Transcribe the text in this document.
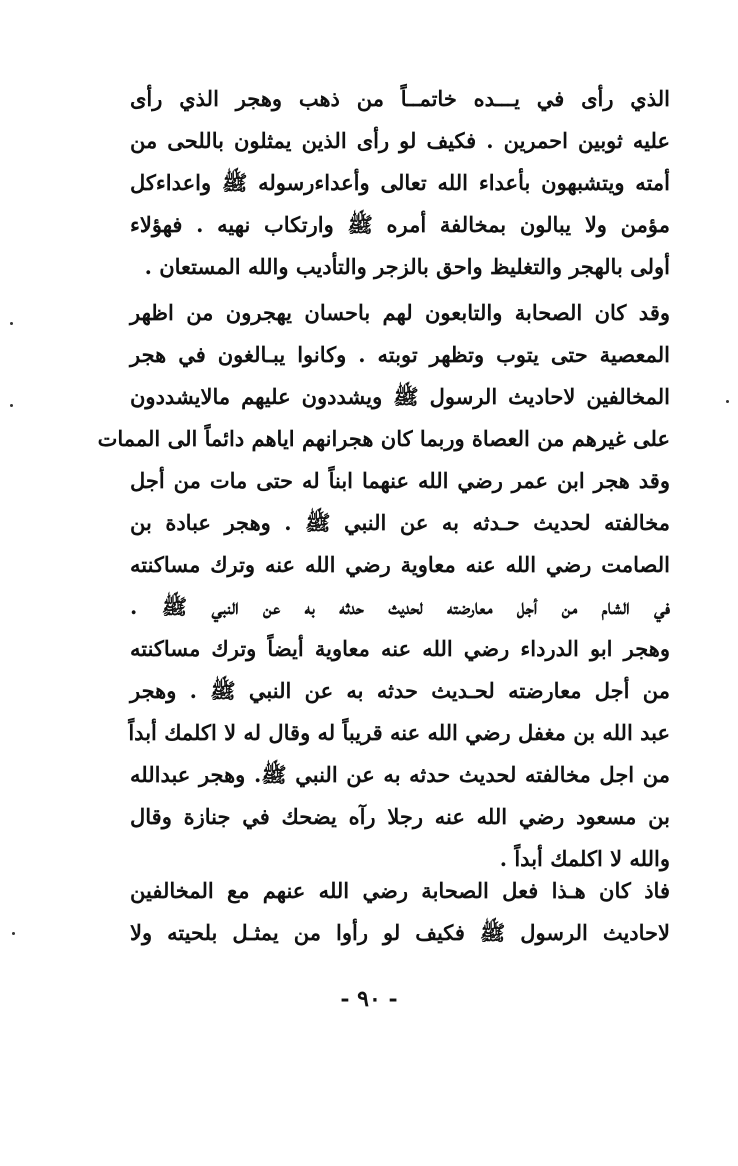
الذي رأى في يـــده خاتمــاً من ذهب وهجر الذي رأى
عليه ثوبين احمرين . فكيف لو رأى الذين يمثلون باللحى من
أمته ويتشبهون بأعداء الله تعالى وأعداءرسوله ﷺ واعداءكل
مؤمن ولا يبالون بمخالفة أمره ﷺ وارتكاب نهيه . فهؤلاء
أولى بالهجر والتغليظ واحق بالزجر والتأديب والله المستعان .
وقد كان الصحابة والتابعون لهم باحسان يهجرون من اظهر
المعصية حتى يتوب وتظهر توبته . وكانوا يبـالغون في هجر
المخالفين لاحاديث الرسول ﷺ ويشددون عليهم مالايشددون
على غيرهم من العصاة وربما كان هجرانهم اياهم دائماً الى الممات
وقد هجر ابن عمر رضي الله عنهما ابناً له حتى مات من أجل
مخالفته لحديث حـدثه به عن النبي ﷺ . وهجر عبادة بن
الصامت رضي الله عنه معاوية رضي الله عنه وترك مساكنته
في الشام من أجل معارضته لحديث حدثه به عن النبي ﷺ .
وهجر ابو الدرداء رضي الله عنه معاوية أيضاً وترك مساكنته
من أجل معارضته لحـديث حدثه به عن النبي ﷺ . وهجر
عبد الله بن مغفل رضي الله عنه قريباً له وقال له لا اكلمك أبداً
من اجل مخالفته لحديث حدثه به عن النبي ﷺ. وهجر عبدالله
بن مسعود رضي الله عنه رجلا رآه يضحك في جنازة وقال
والله لا اكلمك أبداً .
فاذ كان هـذا فعل الصحابة رضي الله عنهم مع المخالفين
لاحاديث الرسول ﷺ فكيف لو رأوا من يمثـل بلحيته ولا
- ٩٠ -
